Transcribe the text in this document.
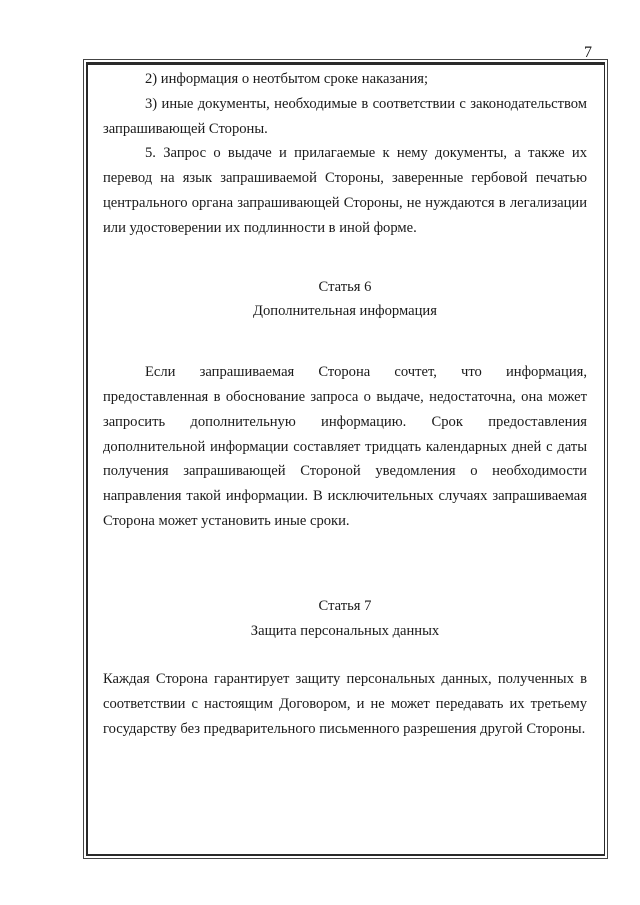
7

2) информация о неотбытом сроке наказания;

3) иные документы, необходимые в соответствии с законодательством запрашивающей Стороны.

5. Запрос о выдаче и прилагаемые к нему документы, а также их перевод на язык запрашиваемой Стороны, заверенные гербовой печатью центрального органа запрашивающей Стороны, не нуждаются в легализации или удостоверении их подлинности в иной форме.

Статья 6

Дополнительная информация

Если запрашиваемая Сторона сочтет, что информация, предоставленная в обоснование запроса о выдаче, недостаточна, она может запросить дополнительную информацию. Срок предоставления дополнительной информации составляет тридцать календарных дней с даты получения запрашивающей Стороной уведомления о необходимости направления такой информации. В исключительных случаях запрашиваемая Сторона может установить иные сроки.

Статья 7

Защита персональных данных

Каждая Сторона гарантирует защиту персональных данных, полученных в соответствии с настоящим Договором, и не может передавать их третьему государству без предварительного письменного разрешения другой Стороны.
